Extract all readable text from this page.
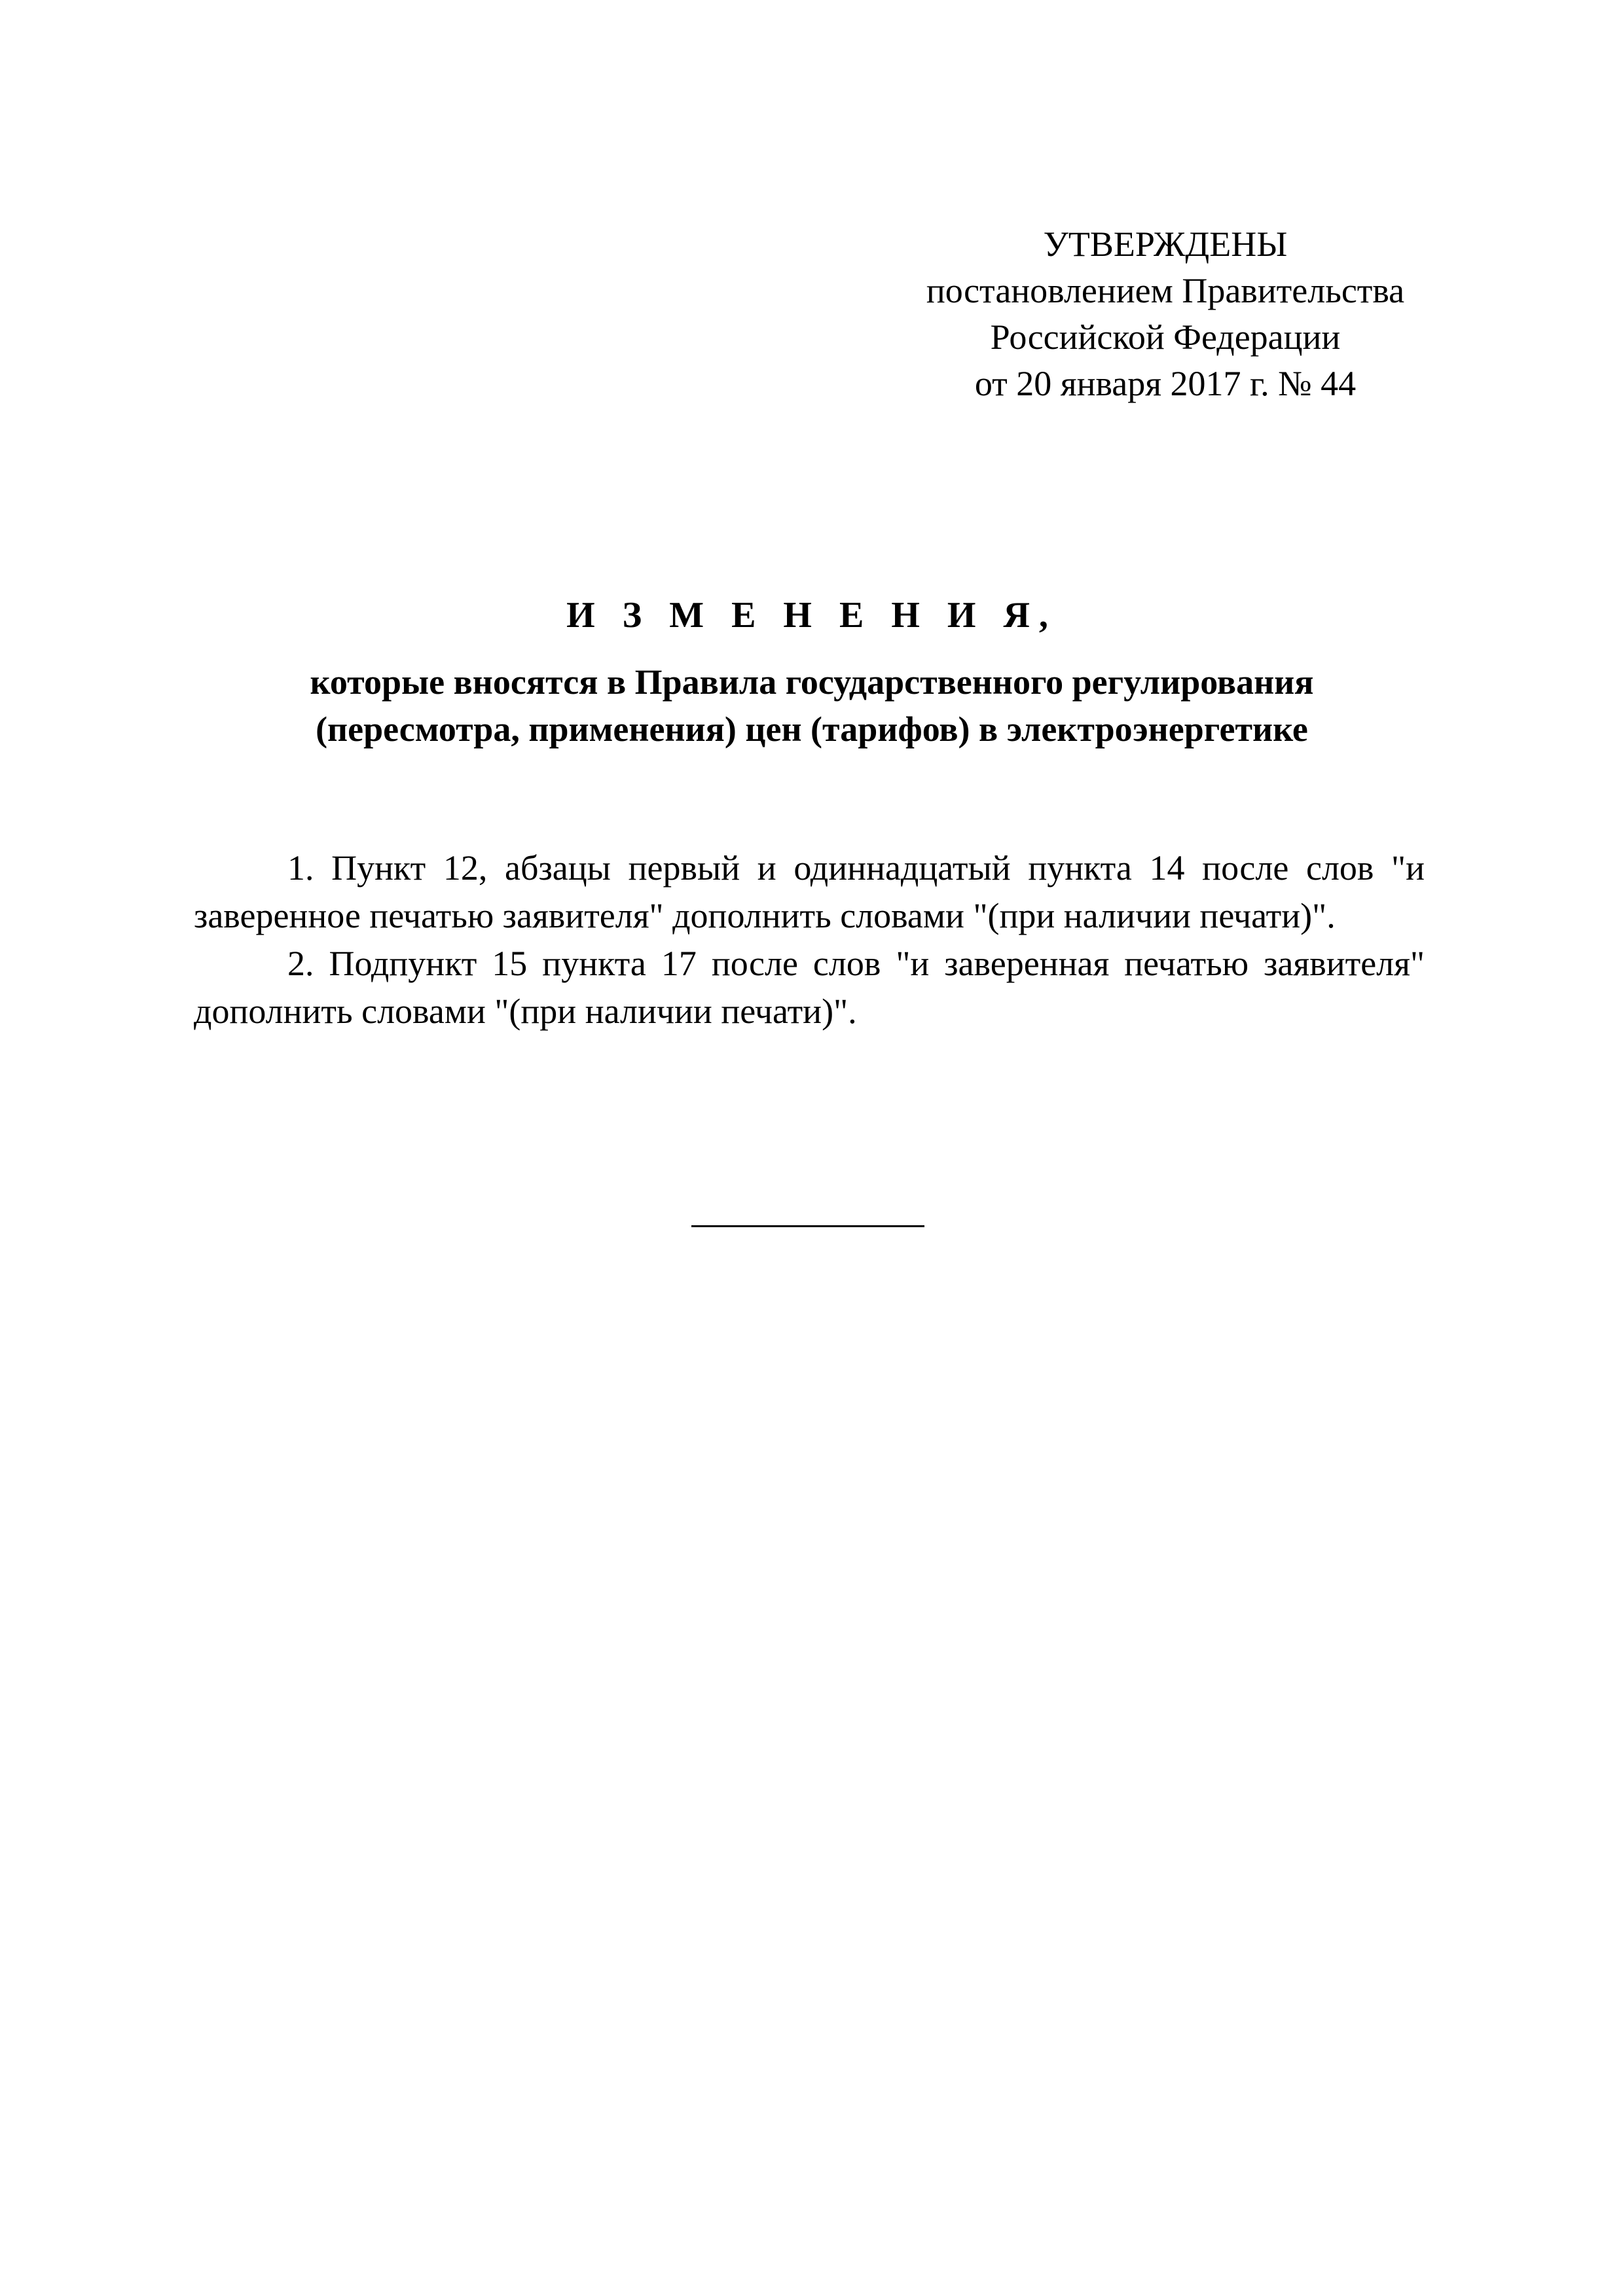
УТВЕРЖДЕНЫ
постановлением Правительства
Российской Федерации
от 20 января 2017 г. № 44
И З М Е Н Е Н И Я,
которые вносятся в Правила государственного регулирования
(пересмотра, применения) цен (тарифов) в электроэнергетике

1. Пункт 12, абзацы первый и одиннадцатый пункта 14 после слов "и заверенное печатью заявителя" дополнить словами "(при наличии печати)".

2. Подпункт 15 пункта 17 после слов "и заверенная печатью заявителя" дополнить словами "(при наличии печати)".
